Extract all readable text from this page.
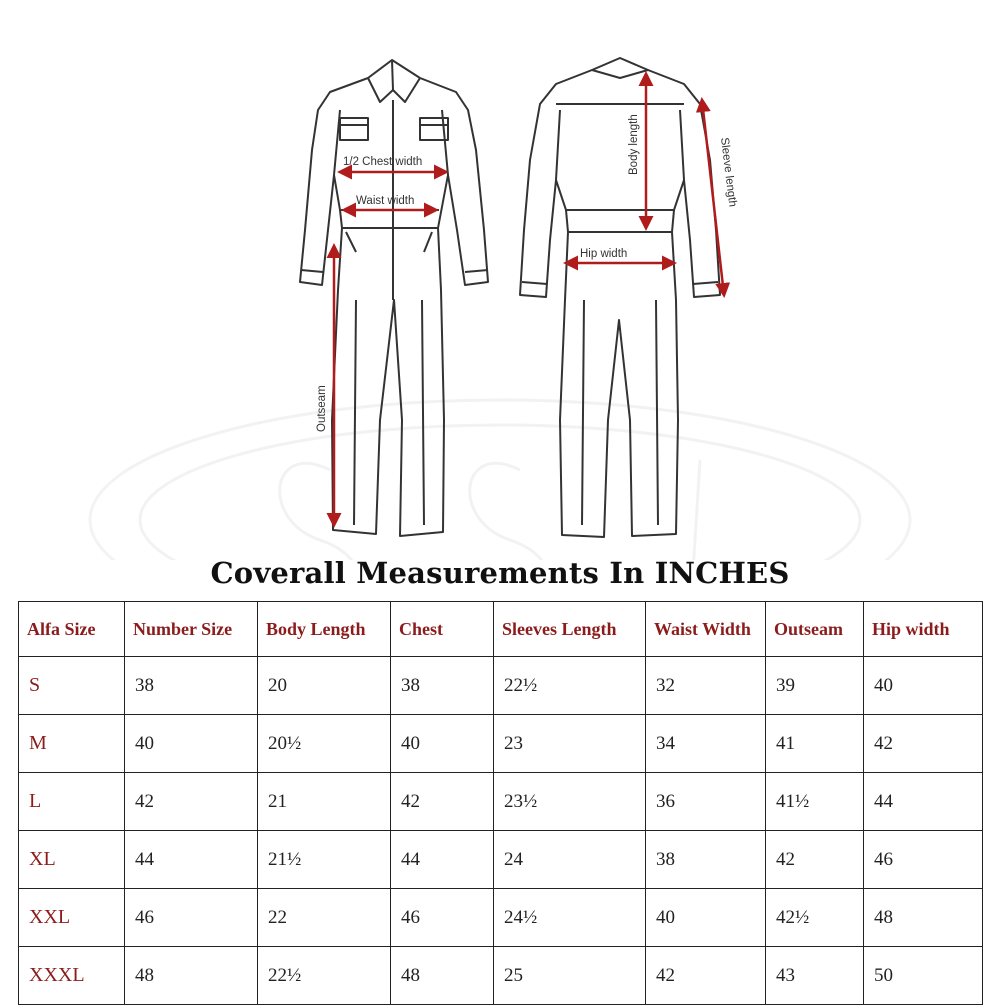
1/2 Chest width
Waist width
Outseam
Body length	Sleeve length
Hip width
Coverall Measurements In INCHES
Alfa Size	Number Size	Body Length	Chest	Sleeves Length	Waist Width	Outseam	Hip width
S	38	20	38	22½	32	39	40
M	40	20½	40	23	34	41	42
L	42	21	42	23½	36	41½	44
XL	44	21½	44	24	38	42	46
XXL	46	22	46	24½	40	42½	48
XXXL	48	22½	48	25	42	43	50
